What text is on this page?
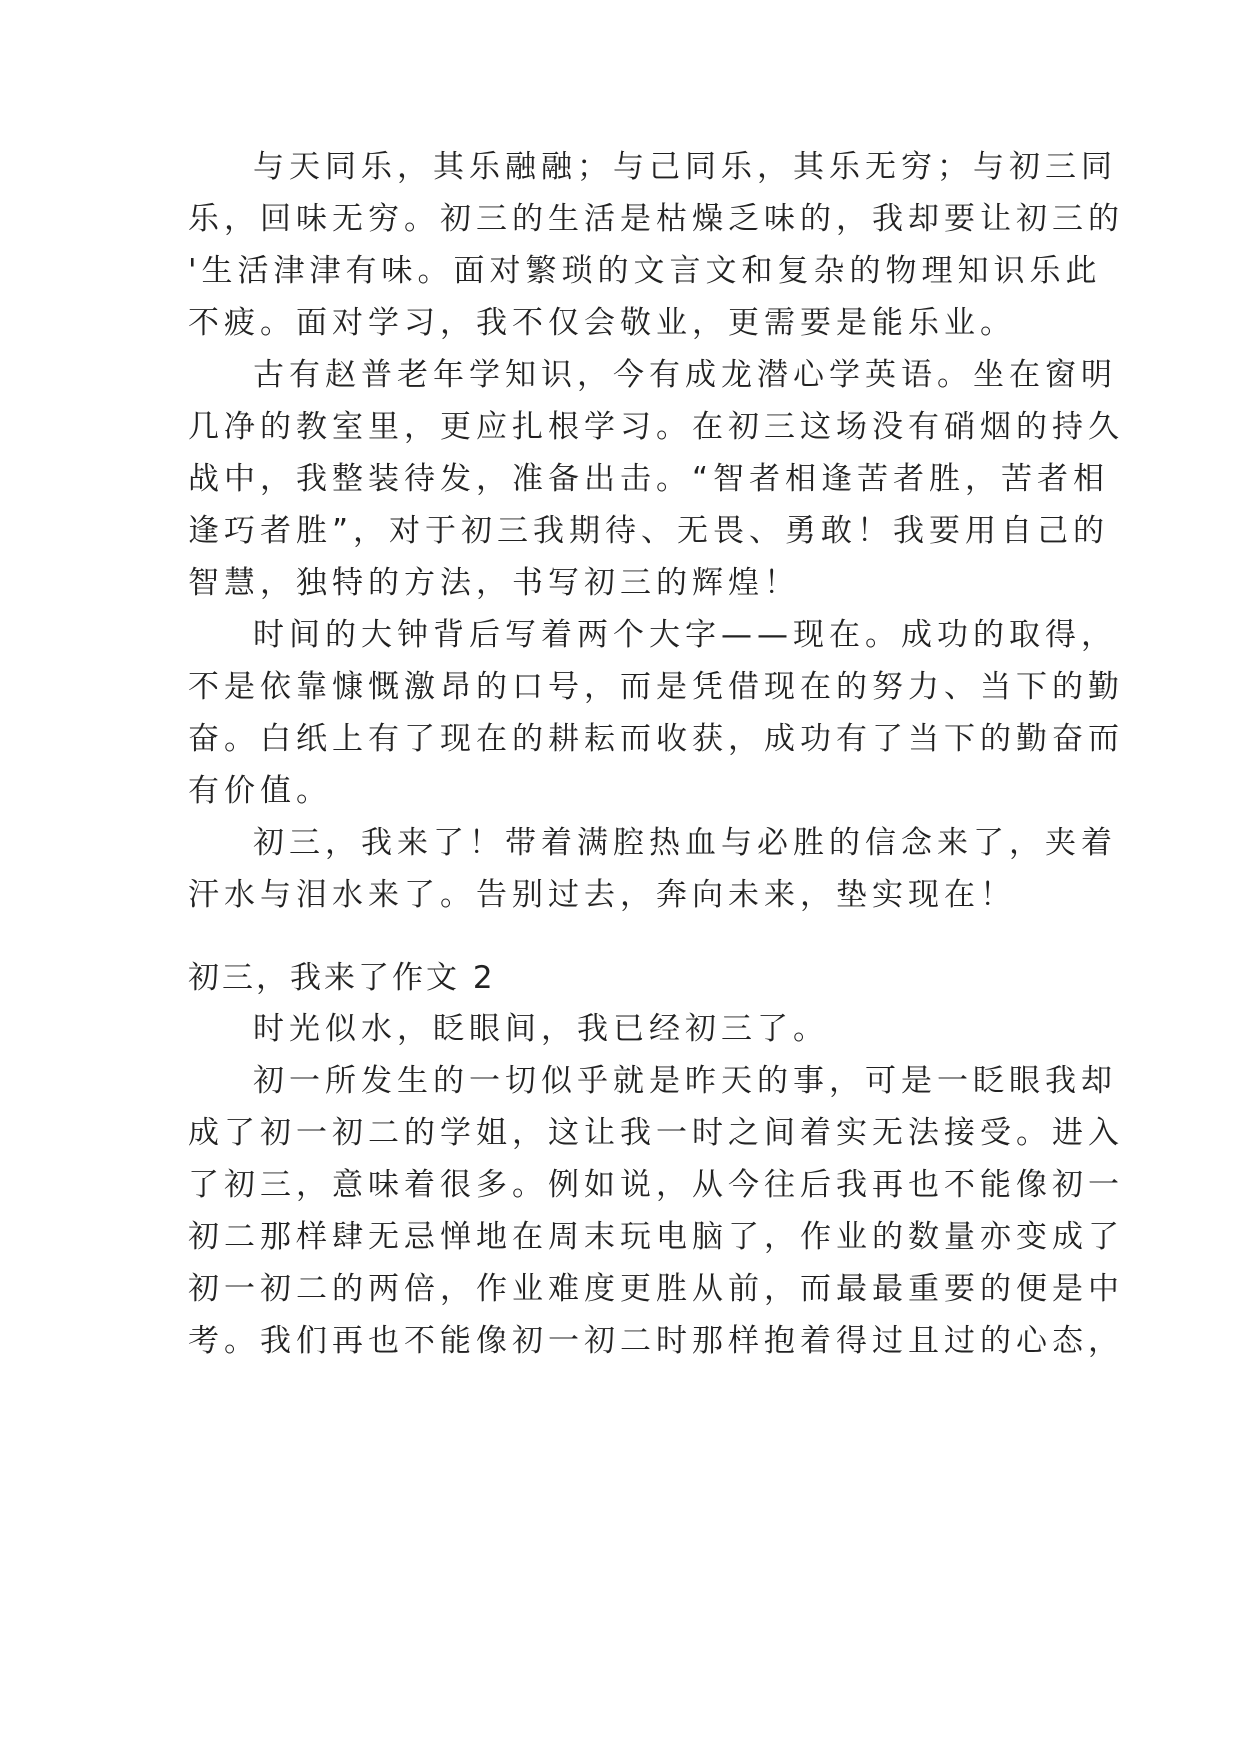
与天同乐，其乐融融；与己同乐，其乐无穷；与初三同
乐，回味无穷。初三的生活是枯燥乏味的，我却要让初三的
'生活津津有味。面对繁琐的文言文和复杂的物理知识乐此
不疲。面对学习，我不仅会敬业，更需要是能乐业。
古有赵普老年学知识，今有成龙潜心学英语。坐在窗明
几净的教室里，更应扎根学习。在初三这场没有硝烟的持久
战中，我整装待发，准备出击。“智者相逢苦者胜，苦者相
逢巧者胜”，对于初三我期待、无畏、勇敢！我要用自己的
智慧，独特的方法，书写初三的辉煌！
时间的大钟背后写着两个大字——现在。成功的取得，
不是依靠慷慨激昂的口号，而是凭借现在的努力、当下的勤
奋。白纸上有了现在的耕耘而收获，成功有了当下的勤奋而
有价值。
初三，我来了！带着满腔热血与必胜的信念来了，夹着
汗水与泪水来了。告别过去，奔向未来，垫实现在！
初三，我来了作文 2
时光似水，眨眼间，我已经初三了。
初一所发生的一切似乎就是昨天的事，可是一眨眼我却
成了初一初二的学姐，这让我一时之间着实无法接受。进入
了初三，意味着很多。例如说，从今往后我再也不能像初一
初二那样肆无忌惮地在周末玩电脑了，作业的数量亦变成了
初一初二的两倍，作业难度更胜从前，而最最重要的便是中
考。我们再也不能像初一初二时那样抱着得过且过的心态，
